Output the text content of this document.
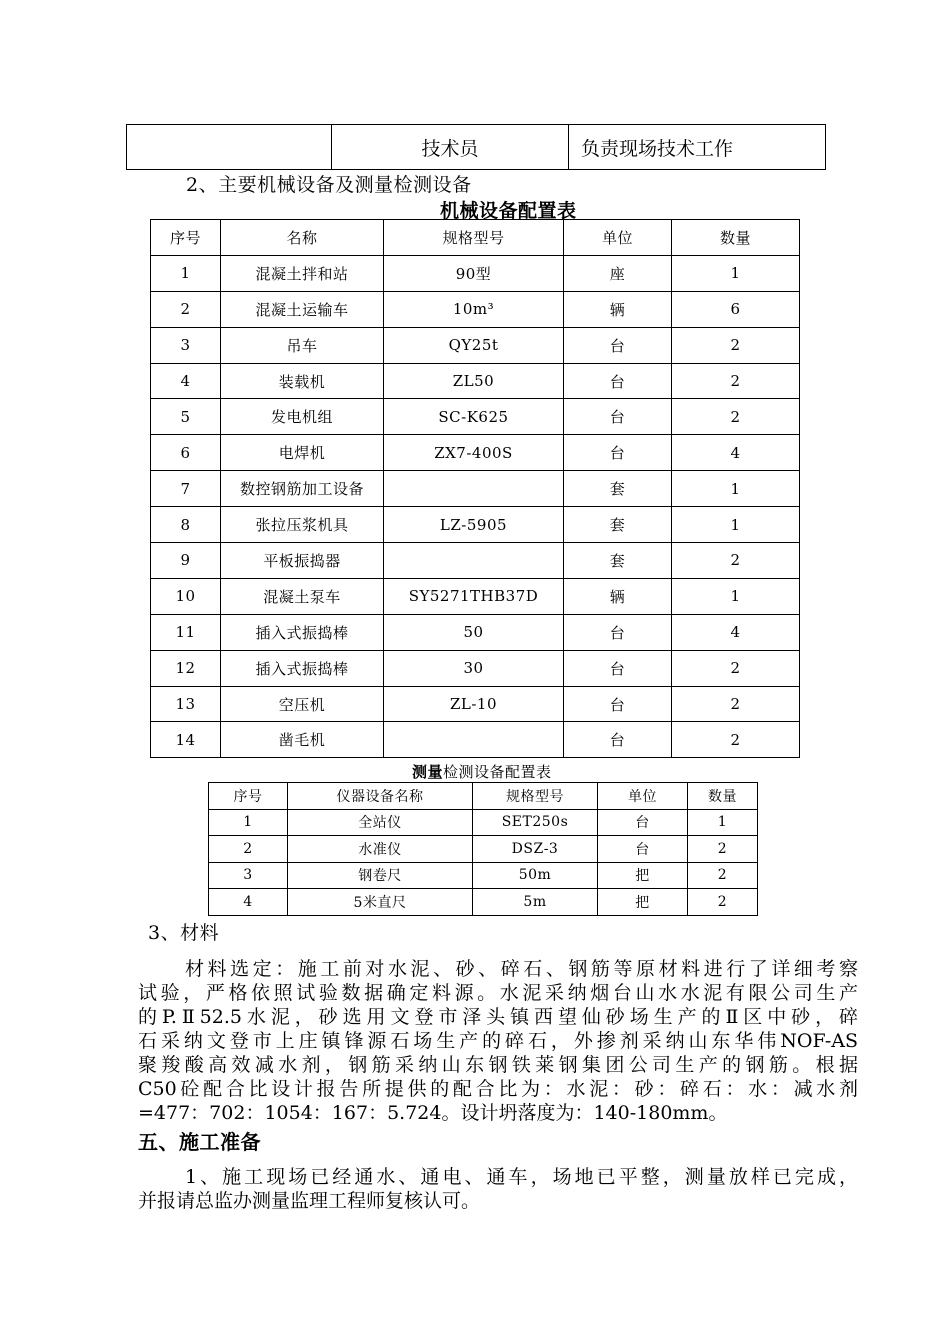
	技术员	负责现场技术工作
2、主要机械设备及测量检测设备
机械设备配置表
序号	名称	规格型号	单位	数量
1	混凝土拌和站	90型	座	1
2	混凝土运输车	10m³	辆	6
3	吊车	QY25t	台	2
4	装载机	ZL50	台	2
5	发电机组	SC-K625	台	2
6	电焊机	ZX7-400S	台	4
7	数控钢筋加工设备		套	1
8	张拉压浆机具	LZ-5905	套	1
9	平板振捣器		套	2
10	混凝土泵车	SY5271THB37D	辆	1
11	插入式振捣棒	50	台	4
12	插入式振捣棒	30	台	2
13	空压机	ZL-10	台	2
14	凿毛机		台	2
测量检测设备配置表
序号	仪器设备名称	规格型号	单位	数量
1	全站仪	SET250s	台	1
2	水准仪	DSZ-3	台	2
3	钢卷尺	50m	把	2
4	5米直尺	5m	把	2
3、材料
材料选定：施工前对水泥、砂、碎石、钢筋等原材料进行了详细考察
试验，严格依照试验数据确定料源。水泥采纳烟台山水水泥有限公司生产
的P.Ⅱ52.5水泥，砂选用文登市泽头镇西望仙砂场生产的Ⅱ区中砂，碎
石采纳文登市上庄镇锋源石场生产的碎石，外掺剂采纳山东华伟NOF-AS
聚羧酸高效减水剂，钢筋采纳山东钢铁莱钢集团公司生产的钢筋。根据
C50砼配合比设计报告所提供的配合比为：水泥：砂：碎石：水：减水剂
=477：702：1054：167：5.724。设计坍落度为：140-180mm。
五、施工准备
1、施工现场已经通水、通电、通车，场地已平整，测量放样已完成，
并报请总监办测量监理工程师复核认可。
